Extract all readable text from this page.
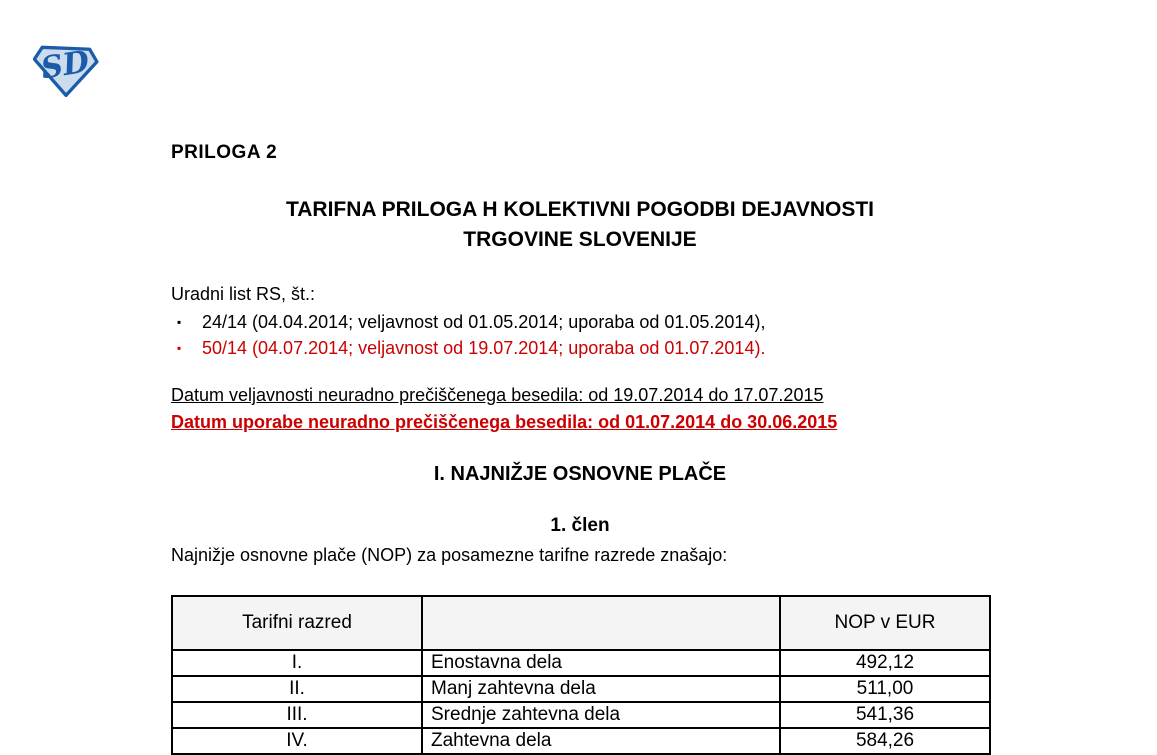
SD
PRILOGA 2
TARIFNA PRILOGA H KOLEKTIVNI POGODBI DEJAVNOSTI
TRGOVINE SLOVENIJE
Uradni list RS, št.:
▪	24/14 (04.04.2014; veljavnost od 01.05.2014; uporaba od 01.05.2014),
▪	50/14 (04.07.2014; veljavnost od 19.07.2014; uporaba od 01.07.2014).
Datum veljavnosti neuradno prečiščenega besedila: od 19.07.2014 do 17.07.2015
Datum uporabe neuradno prečiščenega besedila: od 01.07.2014 do 30.06.2015
I. NAJNIŽJE OSNOVNE PLAČE
1. člen
Najnižje osnovne plače (NOP) za posamezne tarifne razrede znašajo:
Tarifni razred		NOP v EUR
I.	Enostavna dela	492,12
II.	Manj zahtevna dela	511,00
III.	Srednje zahtevna dela	541,36
IV.	Zahtevna dela	584,26
